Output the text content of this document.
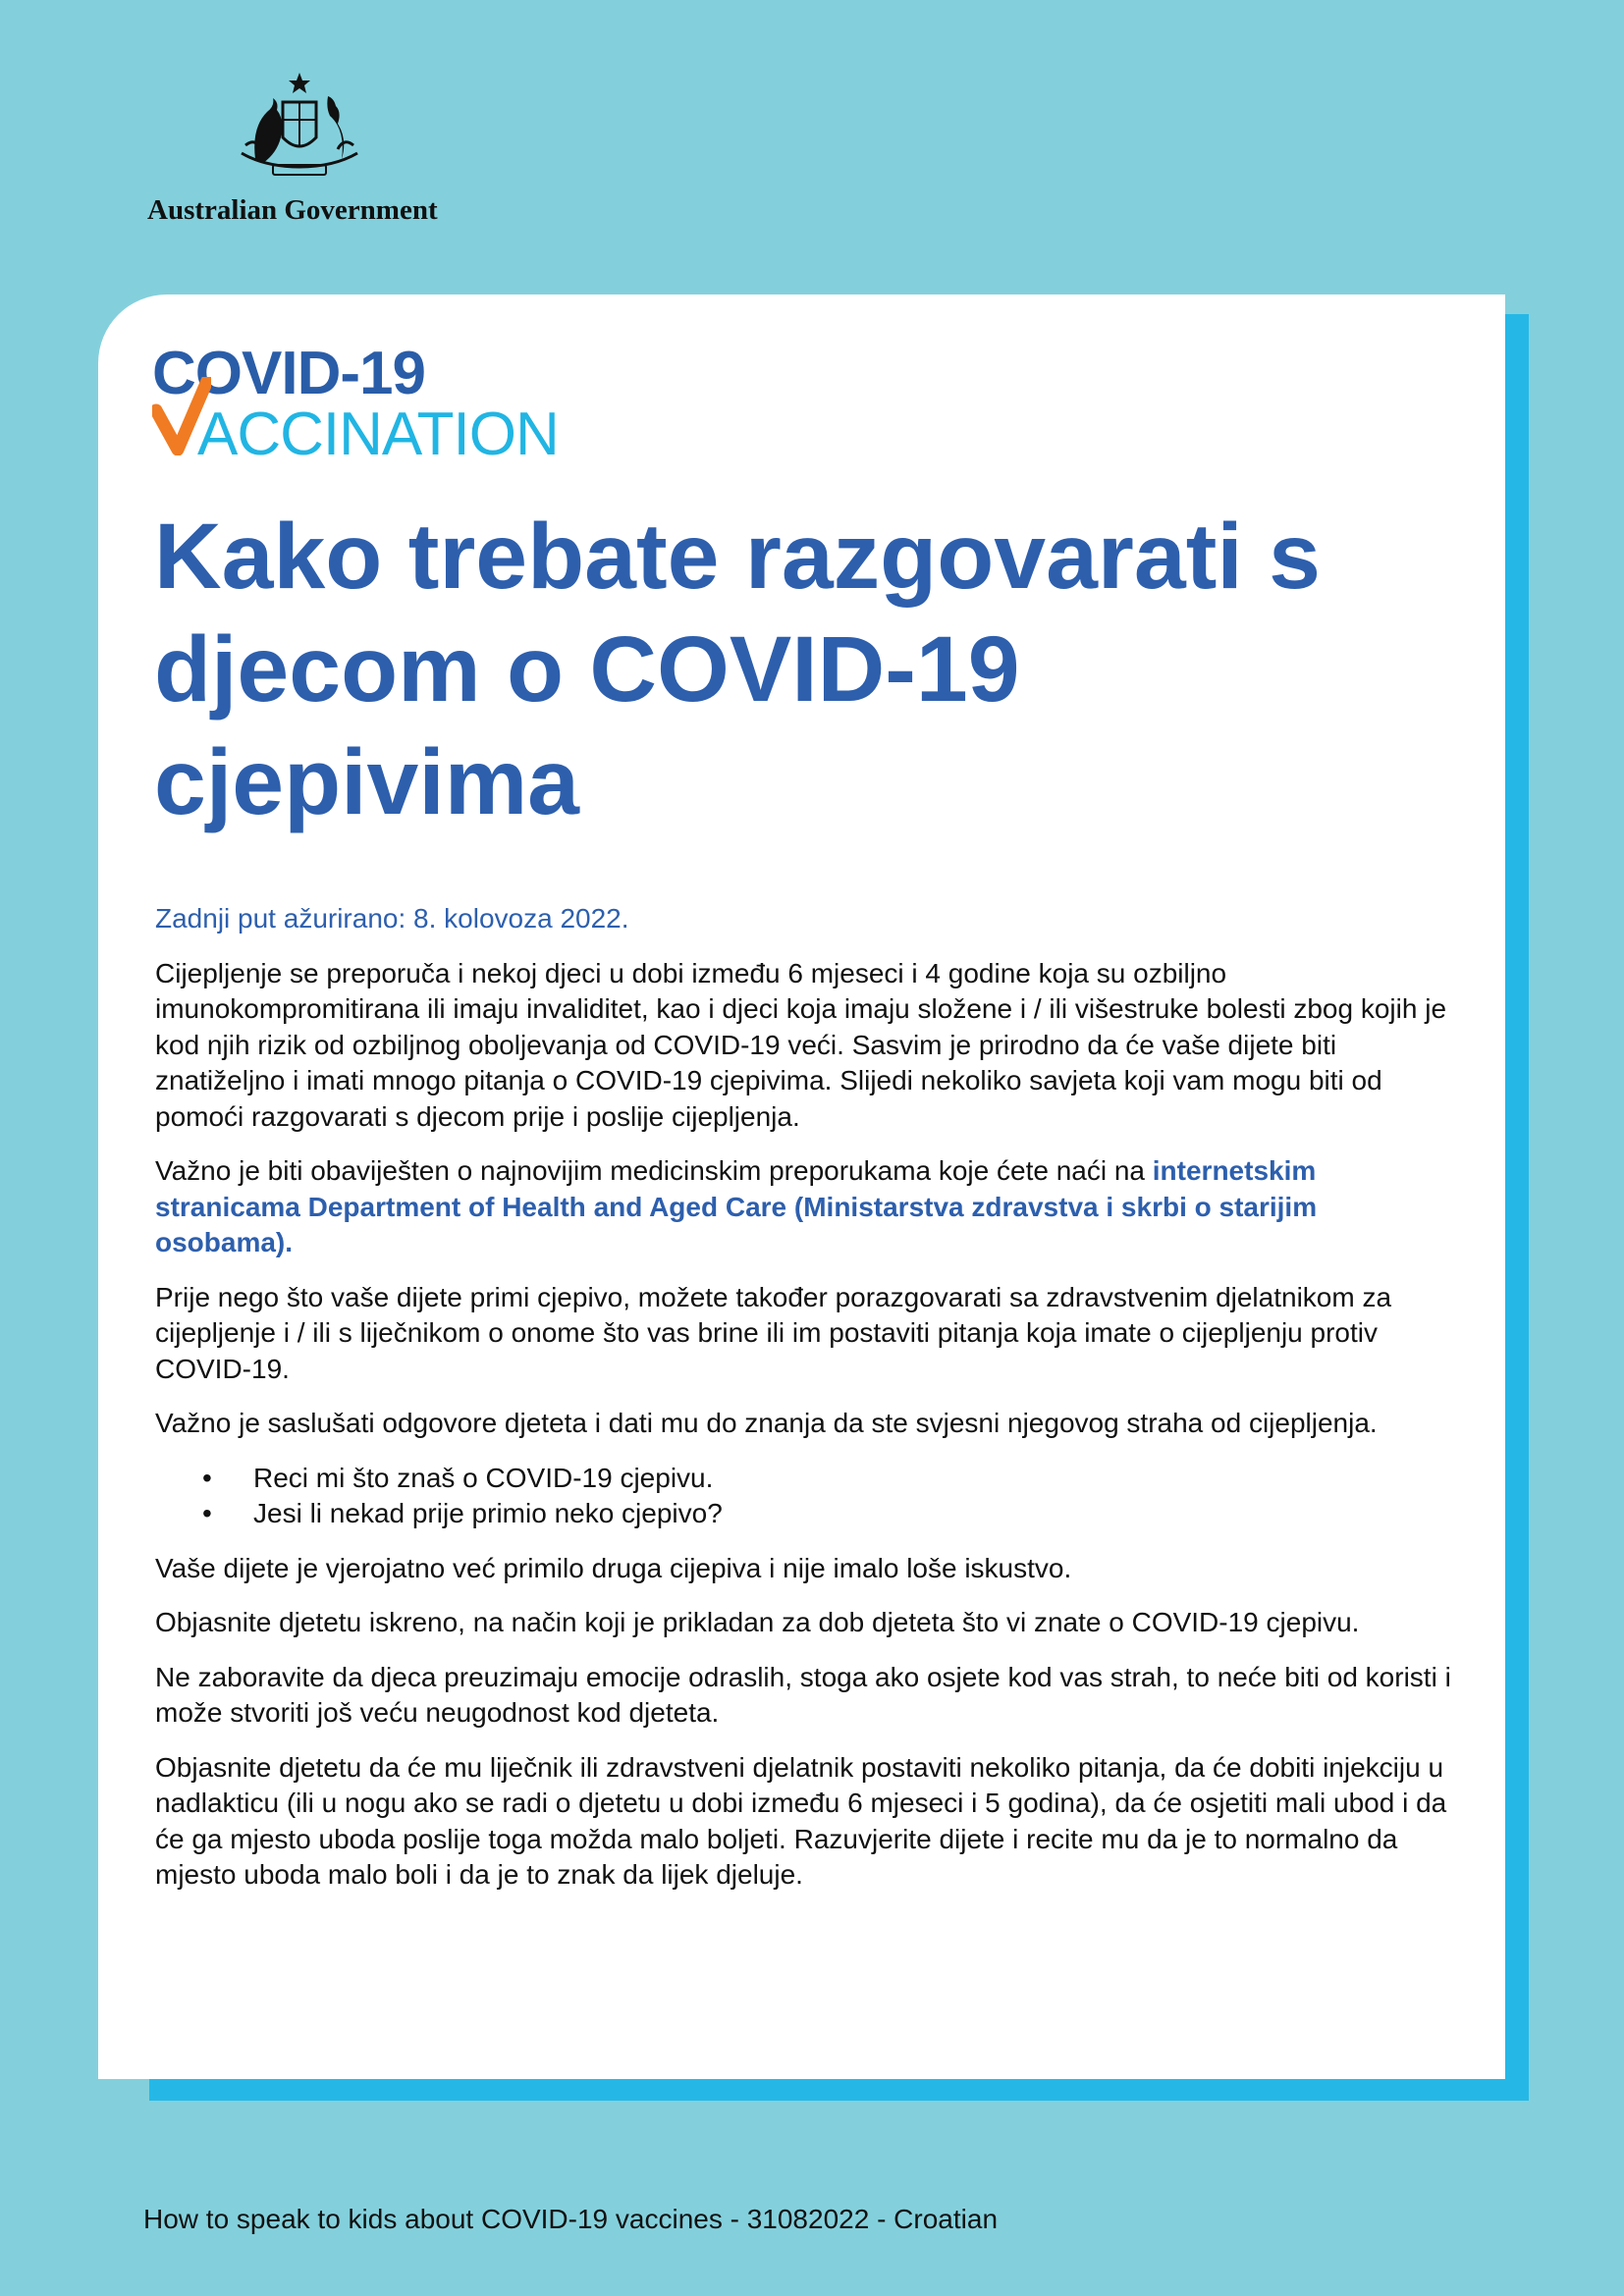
Australian Government
COVID-19
ACCINATION
Kako trebate razgovarati s djecom o COVID-19 cjepivima

Zadnji put ažurirano: 8. kolovoza 2022.

Cijepljenje se preporuča i nekoj djeci u dobi između 6 mjeseci i 4 godine koja su ozbiljno imunokompromitirana ili imaju invaliditet, kao i djeci koja imaju složene i / ili višestruke bolesti zbog kojih je kod njih rizik od ozbiljnog oboljevanja od COVID-19 veći. Sasvim je prirodno da će vaše dijete biti znatiželjno i imati mnogo pitanja o COVID-19 cjepivima. Slijedi nekoliko savjeta koji vam mogu biti od pomoći razgovarati s djecom prije i poslije cijepljenja.

Važno je biti obaviješten o najnovijim medicinskim preporukama koje ćete naći na internetskim stranicama Department of Health and Aged Care (Ministarstva zdravstva i skrbi o starijim osobama).

Prije nego što vaše dijete primi cjepivo, možete također porazgovarati sa zdravstvenim djelatnikom za cijepljenje i / ili s liječnikom o onome što vas brine ili im postaviti pitanja koja imate o cijepljenju protiv COVID-19.

Važno je saslušati odgovore djeteta i dati mu do znanja da ste svjesni njegovog straha od cijepljenja.

• Reci mi što znaš o COVID-19 cjepivu.
• Jesi li nekad prije primio neko cjepivo?

Vaše dijete je vjerojatno već primilo druga cijepiva i nije imalo loše iskustvo.

Objasnite djetetu iskreno, na način koji je prikladan za dob djeteta što vi znate o COVID-19 cjepivu.

Ne zaboravite da djeca preuzimaju emocije odraslih, stoga ako osjete kod vas strah, to neće biti od koristi i može stvoriti još veću neugodnost kod djeteta.

Objasnite djetetu da će mu liječnik ili zdravstveni djelatnik postaviti nekoliko pitanja, da će dobiti injekciju u nadlakticu (ili u nogu ako se radi o djetetu u dobi između 6 mjeseci i 5 godina), da će osjetiti mali ubod i da će ga mjesto uboda poslije toga možda malo boljeti. Razuvjerite dijete i recite mu da je to normalno da mjesto uboda malo boli i da je to znak da lijek djeluje.

How to speak to kids about COVID-19 vaccines - 31082022 - Croatian
